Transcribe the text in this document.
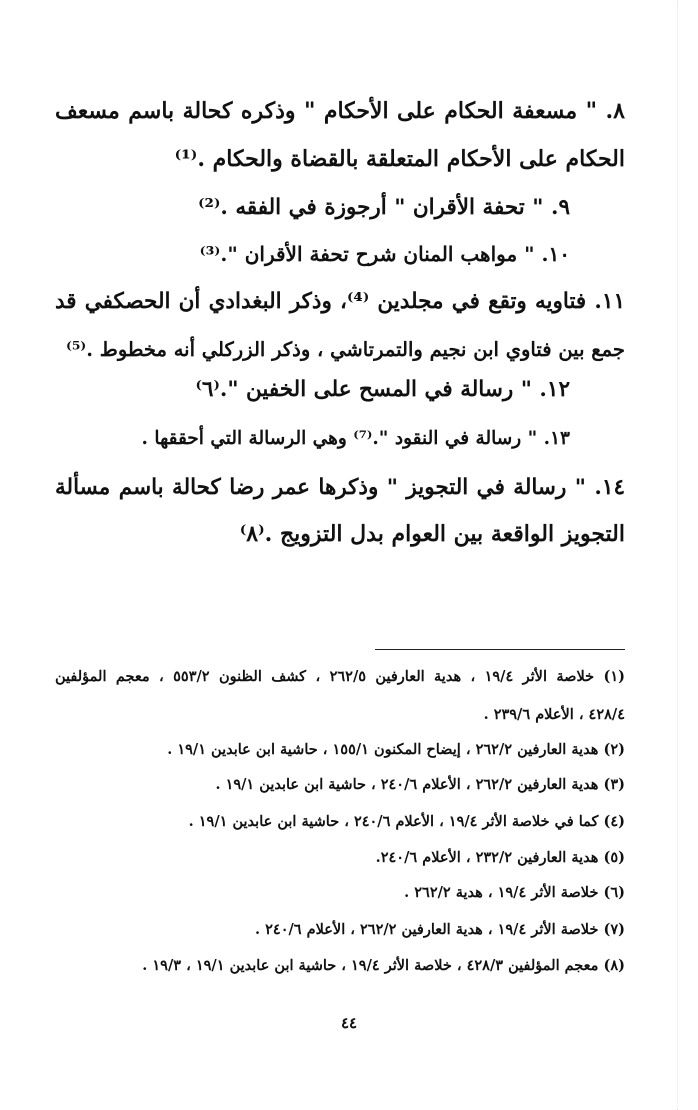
٨. " مسعفة الحكام على الأحكام " وذكره كحالة باسم مسعف
الحكام على الأحكام المتعلقة بالقضاة والحكام .⁽¹⁾
٩. " تحفة الأقران " أرجوزة في الفقه .⁽²⁾
١٠. " مواهب المنان شرح تحفة الأقران ".⁽³⁾
١١. فتاويه وتقع في مجلدين ⁽⁴⁾، وذكر البغدادي أن الحصكفي قد
جمع بين فتاوي ابن نجيم والتمرتاشي ، وذكر الزركلي أنه مخطوط .⁽⁵⁾
١٢. " رسالة في المسح على الخفين ".⁽٦⁾
١٣. " رسالة في النقود ".⁽⁷⁾ وهي الرسالة التي أحققها .
١٤. " رسالة في التجويز " وذكرها عمر رضا كحالة باسم مسألة
التجويز الواقعة بين العوام بدل التزويج .⁽٨⁾
(١) خلاصة الأثر ١٩/٤ ، هدية العارفين ٢٦٢/٥ ، كشف الظنون ٥٥٣/٢ ، معجم المؤلفين
٤٢٨/٤ ، الأعلام ٢٣٩/٦ .
(٢) هدية العارفين ٢٦٢/٢ ، إيضاح المكنون ١٥٥/١ ، حاشية ابن عابدين ١٩/١ .
(٣) هدية العارفين ٢٦٢/٢ ، الأعلام ٢٤٠/٦ ، حاشية ابن عابدين ١٩/١ .
(٤) كما في خلاصة الأثر ١٩/٤ ، الأعلام ٢٤٠/٦ ، حاشية ابن عابدين ١٩/١ .
(٥) هدية العارفين ٢٣٢/٢ ، الأعلام ٢٤٠/٦.
(٦) خلاصة الأثر ١٩/٤ ، هدية ٢٦٢/٢ .
(٧) خلاصة الأثر ١٩/٤ ، هدية العارفين ٢٦٢/٢ ، الأعلام ٢٤٠/٦ .
(٨) معجم المؤلفين ٤٢٨/٣ ، خلاصة الأثر ١٩/٤ ، حاشية ابن عابدين ١٩/١ ، ١٩/٣ .
٤٤
